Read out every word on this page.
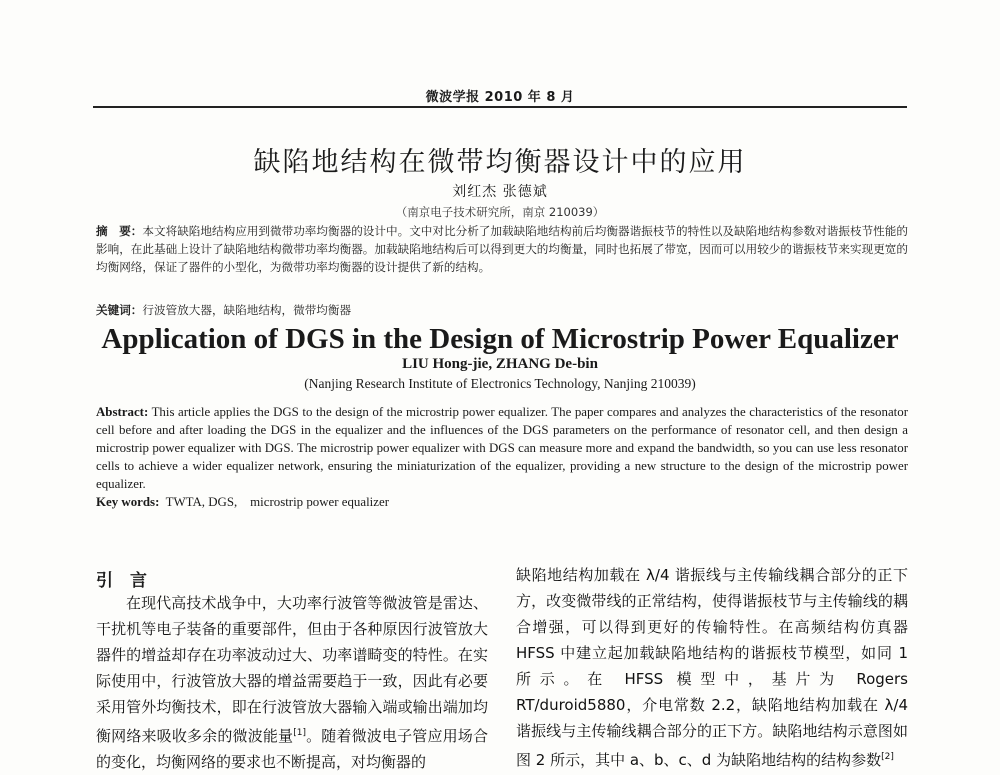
微波学报 2010 年 8 月
缺陷地结构在微带均衡器设计中的应用
刘红杰 张德斌
（南京电子技术研究所，南京 210039）
摘　要：本文将缺陷地结构应用到微带功率均衡器的设计中。文中对比分析了加载缺陷地结构前后均衡器谐振枝节的特性以及缺陷地结构参数对谐振枝节性能的影响，在此基础上设计了缺陷地结构微带功率均衡器。加载缺陷地结构后可以得到更大的均衡量，同时也拓展了带宽，因而可以用较少的谐振枝节来实现更宽的均衡网络，保证了器件的小型化，为微带功率均衡器的设计提供了新的结构。
关键词：行波管放大器，缺陷地结构，微带均衡器
Application of DGS in the Design of Microstrip Power Equalizer
LIU Hong-jie, ZHANG De-bin
(Nanjing Research Institute of Electronics Technology, Nanjing 210039)
Abstract: This article applies the DGS to the design of the microstrip power equalizer. The paper compares and analyzes the characteristics of the resonator cell before and after loading the DGS in the equalizer and the influences of the DGS parameters on the performance of resonator cell, and then design a microstrip power equalizer with DGS. The microstrip power equalizer with DGS can measure more and expand the bandwidth, so you can use less resonator cells to achieve a wider equalizer network, ensuring the miniaturization of the equalizer, providing a new structure to the design of the microstrip power equalizer.
Key words:  TWTA, DGS,    microstrip power equalizer
引　言
在现代高技术战争中，大功率行波管等微波管是雷达、干扰机等电子装备的重要部件，但由于各种原因行波管放大器件的增益却存在功率波动过大、功率谱畸变的特性。在实际使用中，行波管放大器的增益需要趋于一致，因此有必要采用管外均衡技术，即在行波管放大器输入端或输出端加均衡网络来吸收多余的微波能量[1]。随着微波电子管应用场合的变化，均衡网络的要求也不断提高，对均衡器的
缺陷地结构加载在 λ/4 谐振线与主传输线耦合部分的正下方，改变微带线的正常结构，使得谐振枝节与主传输线的耦合增强，可以得到更好的传输特性。在高频结构仿真器 HFSS 中建立起加载缺陷地结构的谐振枝节模型，如同 1 所示。在 HFSS 模型中，基片为 Rogers RT/duroid5880，介电常数 2.2，缺陷地结构加载在 λ/4 谐振线与主传输线耦合部分的正下方。缺陷地结构示意图如图 2 所示，其中 a、b、c、d 为缺陷地结构的结构参数[2]
